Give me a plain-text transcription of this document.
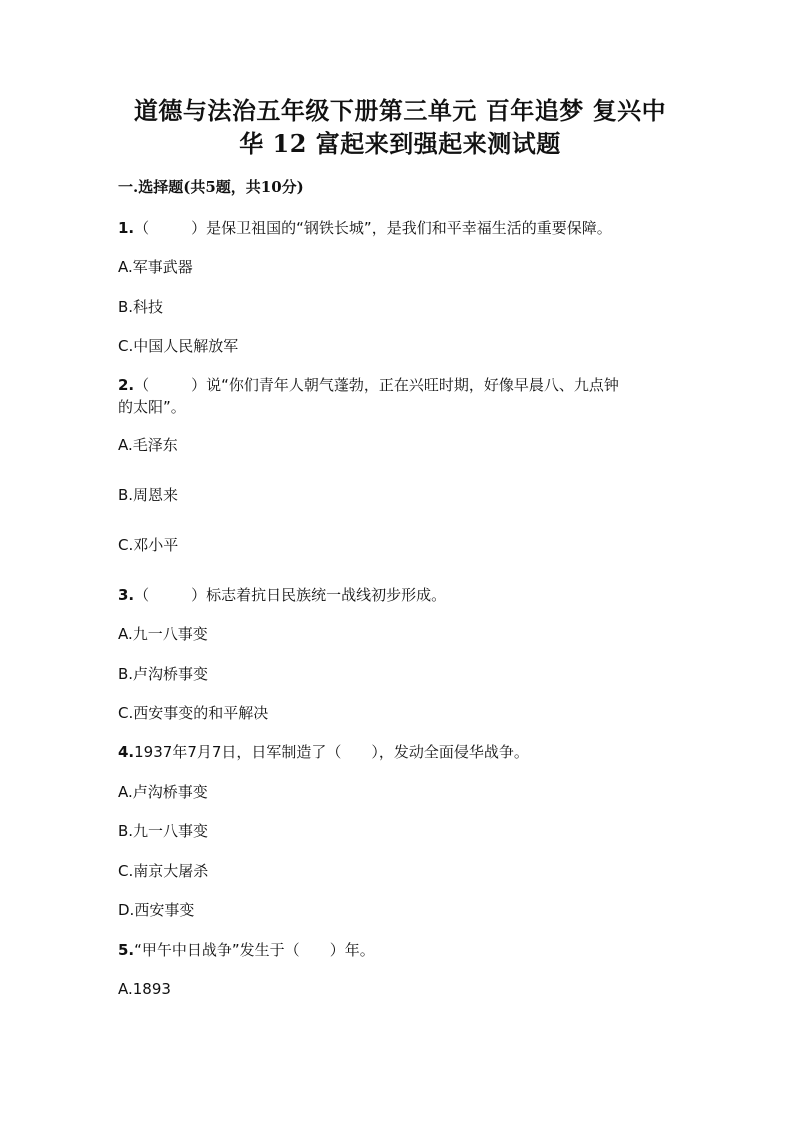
道德与法治五年级下册第三单元 百年追梦 复兴中
华 12 富起来到强起来测试题
一.选择题(共5题，共10分)
1.（	）是保卫祖国的“钢铁长城”，是我们和平幸福生活的重要保障。
A.军事武器
B.科技
C.中国人民解放军
2.（	）说“你们青年人朝气蓬勃，正在兴旺时期，好像早晨八、九点钟
的太阳”。
A.毛泽东
B.周恩来
C.邓小平
3.（	）标志着抗日民族统一战线初步形成。
A.九一八事变
B.卢沟桥事变
C.西安事变的和平解决
4.1937年7月7日，日军制造了（ ），发动全面侵华战争。
A.卢沟桥事变
B.九一八事变
C.南京大屠杀
D.西安事变
5.“甲午中日战争”发生于（ ）年。
A.1893
